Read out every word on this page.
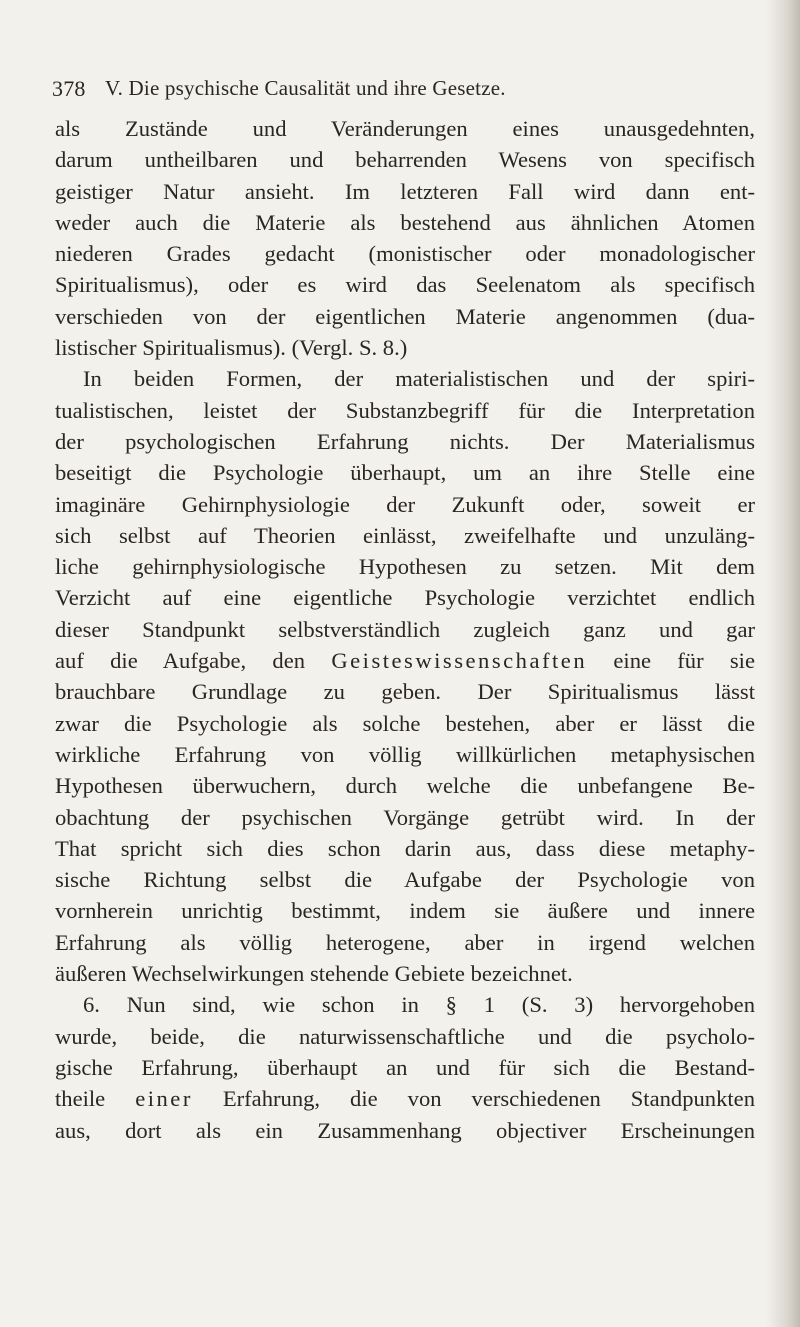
378 V. Die psychische Causalität und ihre Gesetze.
als Zustände und Veränderungen eines unausgedehnten,
darum untheilbaren und beharrenden Wesens von specifisch
geistiger Natur ansieht. Im letzteren Fall wird dann ent-
weder auch die Materie als bestehend aus ähnlichen Atomen
niederen Grades gedacht (monistischer oder monadologischer
Spiritualismus), oder es wird das Seelenatom als specifisch
verschieden von der eigentlichen Materie angenommen (dua-
listischer Spiritualismus). (Vergl. S. 8.)
In beiden Formen, der materialistischen und der spiri-
tualistischen, leistet der Substanzbegriff für die Interpretation
der psychologischen Erfahrung nichts. Der Materialismus
beseitigt die Psychologie überhaupt, um an ihre Stelle eine
imaginäre Gehirnphysiologie der Zukunft oder, soweit er
sich selbst auf Theorien einlässt, zweifelhafte und unzuläng-
liche gehirnphysiologische Hypothesen zu setzen. Mit dem
Verzicht auf eine eigentliche Psychologie verzichtet endlich
dieser Standpunkt selbstverständlich zugleich ganz und gar
auf die Aufgabe, den Geisteswissenschaften eine für sie
brauchbare Grundlage zu geben. Der Spiritualismus lässt
zwar die Psychologie als solche bestehen, aber er lässt die
wirkliche Erfahrung von völlig willkürlichen metaphysischen
Hypothesen überwuchern, durch welche die unbefangene Be-
obachtung der psychischen Vorgänge getrübt wird. In der
That spricht sich dies schon darin aus, dass diese metaphy-
sische Richtung selbst die Aufgabe der Psychologie von
vornherein unrichtig bestimmt, indem sie äußere und innere
Erfahrung als völlig heterogene, aber in irgend welchen
äußeren Wechselwirkungen stehende Gebiete bezeichnet.
6. Nun sind, wie schon in § 1 (S. 3) hervorgehoben
wurde, beide, die naturwissenschaftliche und die psycholo-
gische Erfahrung, überhaupt an und für sich die Bestand-
theile einer Erfahrung, die von verschiedenen Standpunkten
aus, dort als ein Zusammenhang objectiver Erscheinungen
